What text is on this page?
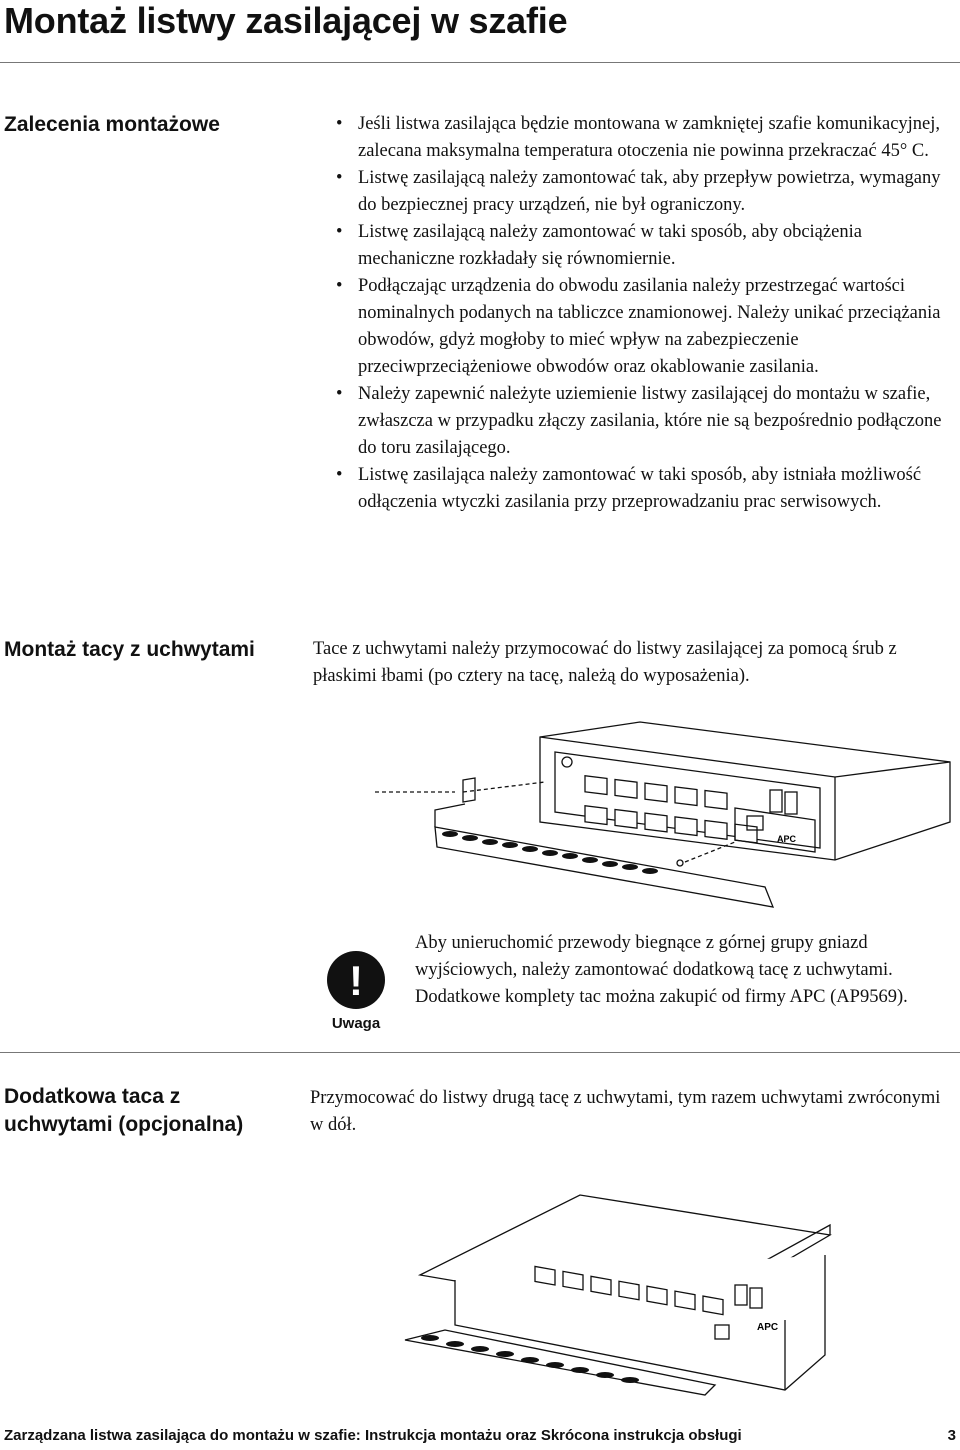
Montaż listwy zasilającej w szafie
Zalecenia montażowe	• Jeśli listwa zasilająca będzie montowana w zamkniętej szafie komunikacyjnej, zalecana maksymalna temperatura otoczenia nie powinna przekraczać 45° C.
• Listwę zasilającą należy zamontować tak, aby przepływ powietrza, wymagany do bezpiecznej pracy urządzeń, nie był ograniczony.
• Listwę zasilającą należy zamontować w taki sposób, aby obciążenia mechaniczne rozkładały się równomiernie.
• Podłączając urządzenia do obwodu zasilania należy przestrzegać wartości nominalnych podanych na tabliczce znamionowej. Należy unikać przeciążania obwodów, gdyż mogłoby to mieć wpływ na zabezpieczenie przeciwprzeciążeniowe obwodów oraz okablowanie zasilania.
• Należy zapewnić należyte uziemienie listwy zasilającej do montażu w szafie, zwłaszcza w przypadku złączy zasilania, które nie są bezpośrednio podłączone do toru zasilającego.
• Listwę zasilająca należy zamontować w taki sposób, aby istniała możliwość odłączenia wtyczki zasilania przy przeprowadzaniu prac serwisowych.
Montaż tacy z uchwytami	Tace z uchwytami należy przymocować do listwy zasilającej za pomocą śrub z płaskimi łbami (po cztery na tacę, należą do wyposażenia).

APC
!
Uwaga

Aby unieruchomić przewody biegnące z górnej grupy gniazd wyjściowych, należy zamontować dodatkową tacę z uchwytami. Dodatkowe komplety tac można zakupić od firmy APC (AP9569).

Dodatkowa taca z uchwytami (opcjonalna)

Przymocować do listwy drugą tacę z uchwytami, tym razem uchwytami zwróconymi w dół.

APC
Zarządzana listwa zasilająca do montażu w szafie: Instrukcja montażu oraz Skrócona instrukcja obsługi	3
